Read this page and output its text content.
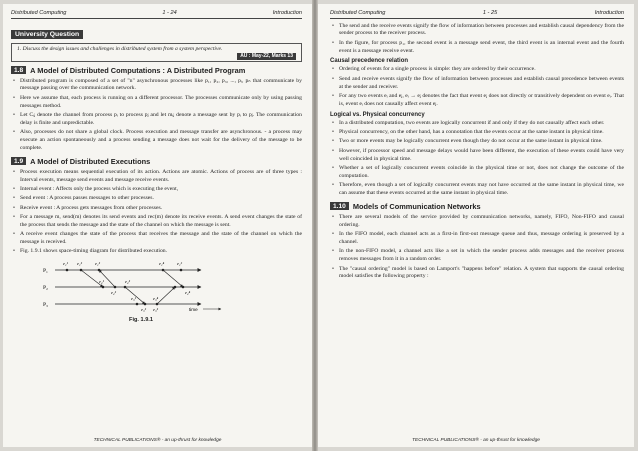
Distributed Computing	1 - 24	Introduction
University Question
1. Discuss the design issues and challenges in distributed system from a system perspective.
AU : May-22, Marks 13
1.8 A Model of Distributed Computations : A Distributed Program
• Distributed program is composed of a set of "n" asynchronous processes like p₁, p₂, p₃, ..., pᵢ, pₙ that communicate by message passing over the communication network.
• Here we assume that, each process is running on a different processor. The processes communicate only by using passing messages method.
• Let Cᵢⱼ denote the channel from process pᵢ to process pⱼ and let mᵢⱼ denote a message sent by pᵢ to pⱼ. The communication delay is finite and unpredictable.
• Also, processes do not share a global clock. Process execution and message transfer are asynchronous. - a process may execute an action spontaneously and a process sending a message does not wait for the delivery of the message to be complete.
1.9 A Model of Distributed Executions
• Process execution means sequential execution of its action. Actions are atomic. Actions of process are of three types : Interval events, message send events and message receive events.
• Internal event : Affects only the process which is executing the event,
• Send event : A process passes messages to other processes.
• Receive event : A process gets messages from other processes.
• For a message m, send(m) denotes its send events and rec(m) denote its receive events. A send event changes the state of the process that sends the message and the state of the channel on which the message is sent.
• A receive event changes the state of the process that receives the message and the state of the channel on which the message is received.
• Fig. 1.9.1 shows space-timing diagram for distributed execution.
P₁
P₂
P₃
e₁¹ e₁²	e₁³	e₁⁴	e₁⁵
e₂¹
e₂²
e₂³
e₂⁴
e₃¹
e₃² e₃³
e₃⁴
time
Fig. 1.9.1
TECHNICAL PUBLICATIONS® - an up-thrust for knowledge
Distributed Computing	1 - 25	Introduction
• The send and the receive events signify the flow of information between processes and establish causal dependency from the sender process to the receiver process.
• In the figure, for process p₁, the second event is a message send event, the third event is an internal event and the fourth event is a message receive event.
Causal precedence relation
• Ordering of events for a single process is simple: they are ordered by their occurrence.
• Send and receive events signify the flow of information between processes and establish causal precedence between events at the sender and receiver.
• For any two events eᵢ and eⱼ, eᵢ → eⱼ denotes the fact that event eⱼ does not directly or transitively dependent on event eᵢ. That is, event eᵢ does not causally affect event eⱼ.
Logical vs. Physical concurrency
• In a distributed computation, two events are logically concurrent if and only if they do not causally affect each other.
• Physical concurrency, on the other hand, has a connotation that the events occur at the same instant in physical time.
• Two or more events may be logically concurrent even though they do not occur at the same instant in physical time.
• However, if processor speed and message delays would have been different, the execution of these events could have very well coincided in physical time.
• Whether a set of logically concurrent events coincide in the physical time or not, does not change the outcome of the computation.
• Therefore, even though a set of logically concurrent events may not have occurred at the same instant in physical time, we can assume that these events occurred at the same instant in physical time.
1.10 Models of Communication Networks
• There are several models of the service provided by communication networks, namely, FIFO, Non-FIFO and causal ordering.
• In the FIFO model, each channel acts as a first-in first-out message queue and thus, message ordering is preserved by a channel.
• In the non-FIFO model, a channel acts like a set in which the sender process adds messages and the receiver process removes messages from it in a random order.
• The "causal ordering" model is based on Lamport's "happens before" relation. A system that supports the causal ordering model satisfies the following property :
TECHNICAL PUBLICATIONS® - an up-thrust for knowledge
